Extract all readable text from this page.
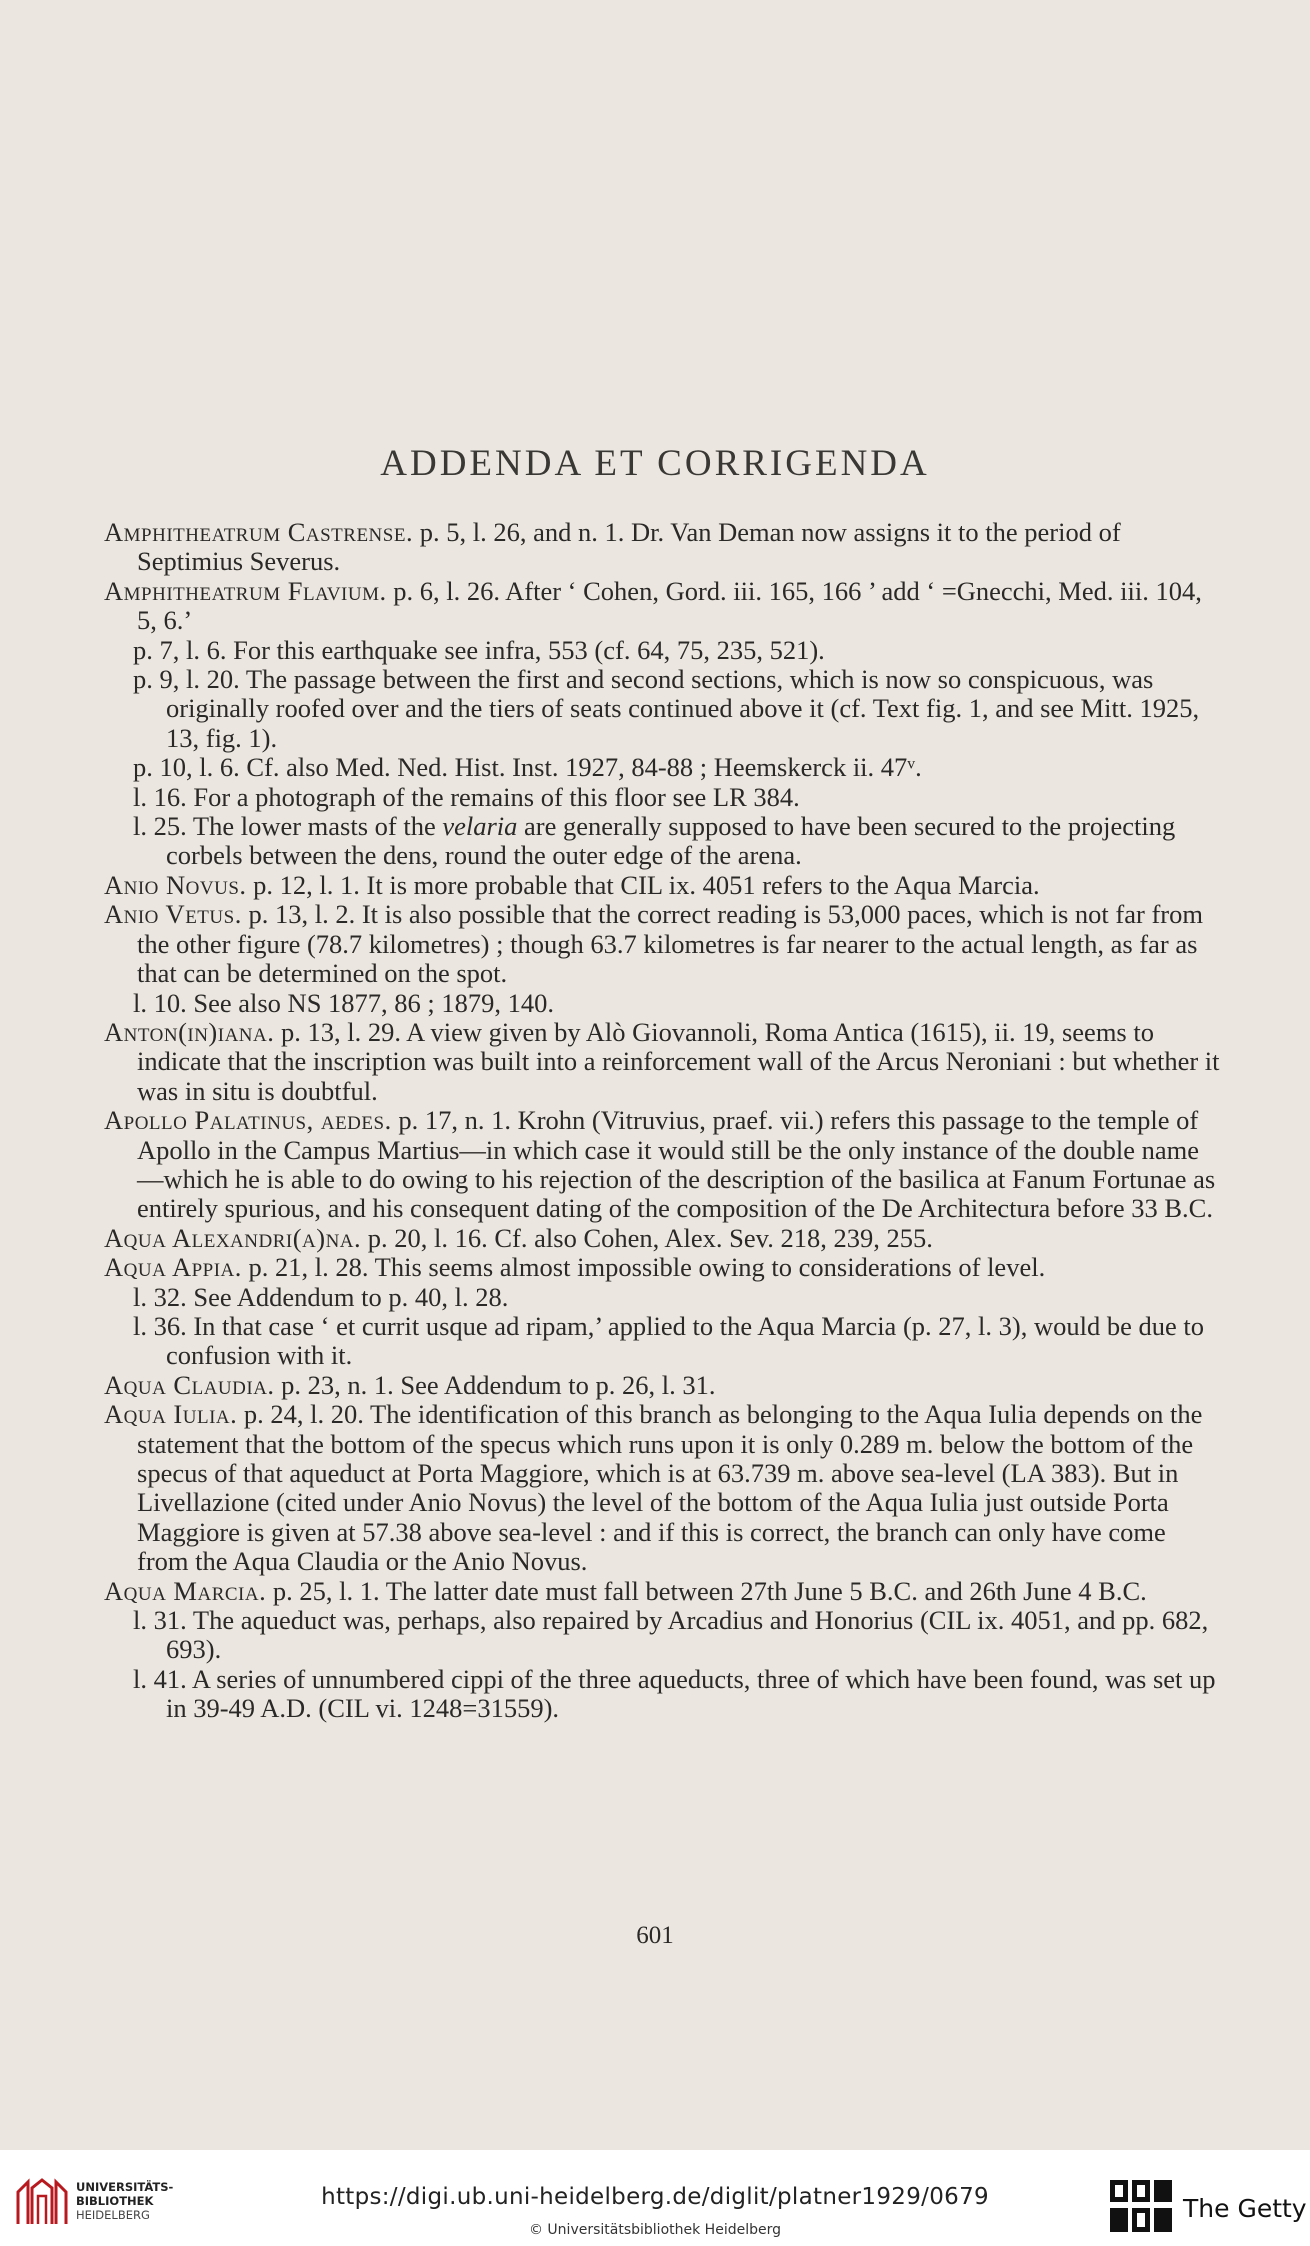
ADDENDA ET CORRIGENDA

Amphitheatrum Castrense. p. 5, l. 26, and n. 1. Dr. Van Deman now assigns it to the period of Septimius Severus.

Amphitheatrum Flavium. p. 6, l. 26. After ‘ Cohen, Gord. iii. 165, 166 ’ add ‘ =Gnecchi, Med. iii. 104, 5, 6.’

p. 7, l. 6. For this earthquake see infra, 553 (cf. 64, 75, 235, 521).

p. 9, l. 20. The passage between the first and second sections, which is now so conspicuous, was originally roofed over and the tiers of seats continued above it (cf. Text fig. 1, and see Mitt. 1925, 13, fig. 1).

p. 10, l. 6. Cf. also Med. Ned. Hist. Inst. 1927, 84-88 ; Heemskerck ii. 47ᵛ.

l. 16. For a photograph of the remains of this floor see LR 384.

l. 25. The lower masts of the velaria are generally supposed to have been secured to the projecting corbels between the dens, round the outer edge of the arena.

Anio Novus. p. 12, l. 1. It is more probable that CIL ix. 4051 refers to the Aqua Marcia.

Anio Vetus. p. 13, l. 2. It is also possible that the correct reading is 53,000 paces, which is not far from the other figure (78.7 kilometres) ; though 63.7 kilometres is far nearer to the actual length, as far as that can be determined on the spot.

l. 10. See also NS 1877, 86 ; 1879, 140.

Anton(in)iana. p. 13, l. 29. A view given by Alò Giovannoli, Roma Antica (1615), ii. 19, seems to indicate that the inscription was built into a reinforcement wall of the Arcus Neroniani : but whether it was in situ is doubtful.

Apollo Palatinus, aedes. p. 17, n. 1. Krohn (Vitruvius, praef. vii.) refers this passage to the temple of Apollo in the Campus Martius—in which case it would still be the only instance of the double name—which he is able to do owing to his rejection of the description of the basilica at Fanum Fortunae as entirely spurious, and his consequent dating of the composition of the De Architectura before 33 B.C.

Aqua Alexandri(a)na. p. 20, l. 16. Cf. also Cohen, Alex. Sev. 218, 239, 255.

Aqua Appia. p. 21, l. 28. This seems almost impossible owing to considerations of level.

l. 32. See Addendum to p. 40, l. 28.

l. 36. In that case ‘ et currit usque ad ripam,’ applied to the Aqua Marcia (p. 27, l. 3), would be due to confusion with it.

Aqua Claudia. p. 23, n. 1. See Addendum to p. 26, l. 31.

Aqua Iulia. p. 24, l. 20. The identification of this branch as belonging to the Aqua Iulia depends on the statement that the bottom of the specus which runs upon it is only 0.289 m. below the bottom of the specus of that aqueduct at Porta Maggiore, which is at 63.739 m. above sea-level (LA 383). But in Livellazione (cited under Anio Novus) the level of the bottom of the Aqua Iulia just outside Porta Maggiore is given at 57.38 above sea-level : and if this is correct, the branch can only have come from the Aqua Claudia or the Anio Novus.

Aqua Marcia. p. 25, l. 1. The latter date must fall between 27th June 5 B.C. and 26th June 4 B.C.

l. 31. The aqueduct was, perhaps, also repaired by Arcadius and Honorius (CIL ix. 4051, and pp. 682, 693).

l. 41. A series of unnumbered cippi of the three aqueducts, three of which have been found, was set up in 39-49 A.D. (CIL vi. 1248=31559).

601
UNIVERSITÄTS-
BIBLIOTHEK
HEIDELBERG
https://digi.ub.uni-heidelberg.de/diglit/platner1929/0679
© Universitätsbibliothek Heidelberg
The Getty
